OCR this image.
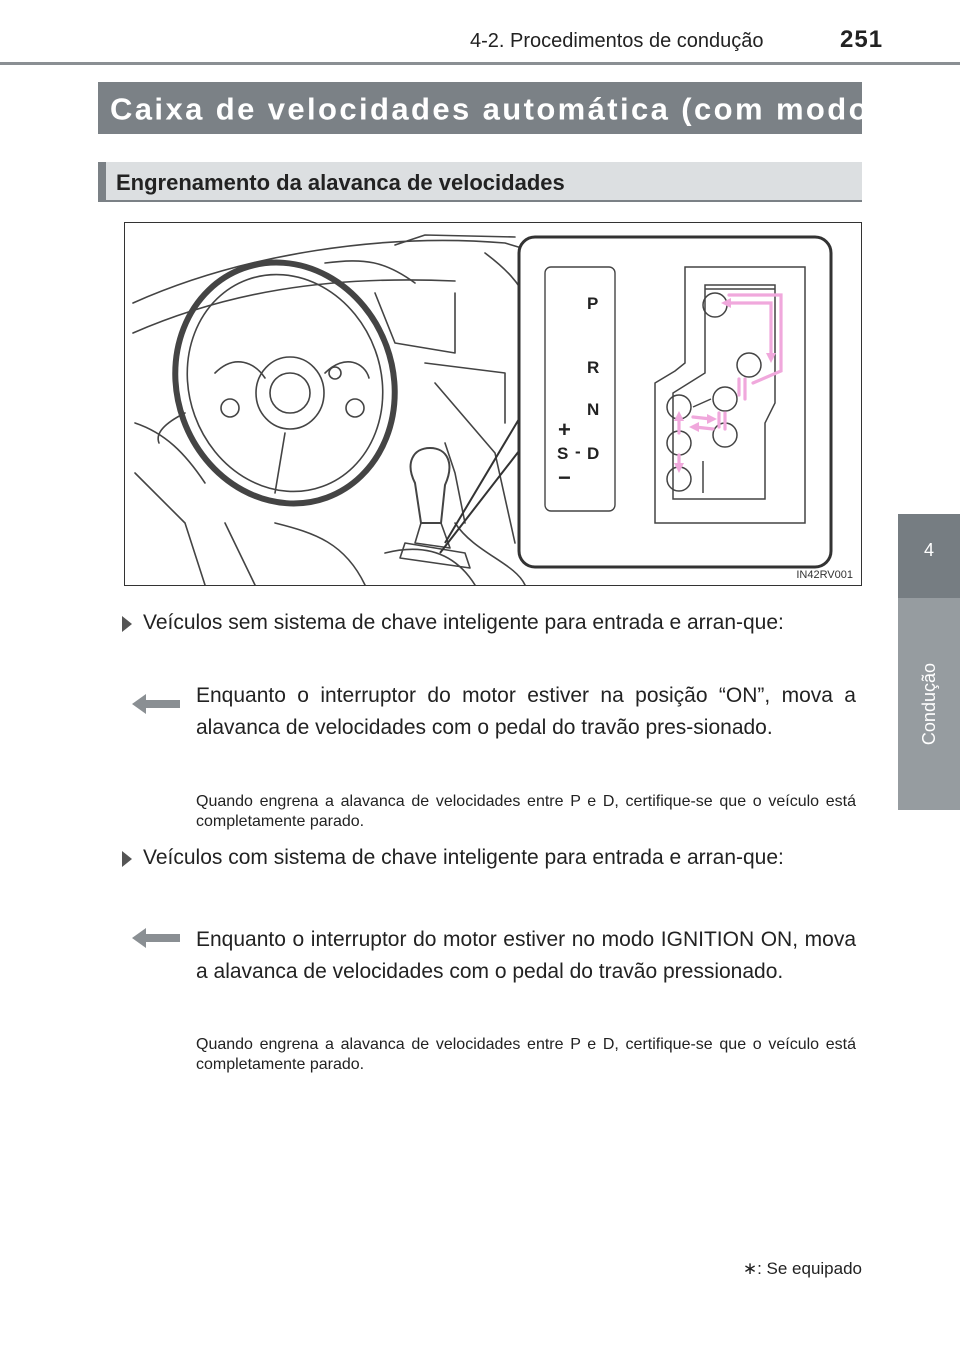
4-2. Procedimentos de condução	251
4
Condução
Caixa de velocidades automática (com modo S)∗
Engrenamento da alavanca de velocidades
P
R
N
D
S -
+
−
IN42RV001
Veículos sem sistema de chave inteligente para entrada e arran-que:
Enquanto o interruptor do motor estiver na posição “ON”, mova a alavanca de velocidades com o pedal do travão pres-sionado.
Quando engrena a alavanca de velocidades entre P e D, certifique-se que o veículo está completamente parado.
Veículos com sistema de chave inteligente para entrada e arran-que:
Enquanto o interruptor do motor estiver no modo IGNITION ON, mova a alavanca de velocidades com o pedal do travão pressionado.
Quando engrena a alavanca de velocidades entre P e D, certifique-se que o veículo está completamente parado.
∗: Se equipado
